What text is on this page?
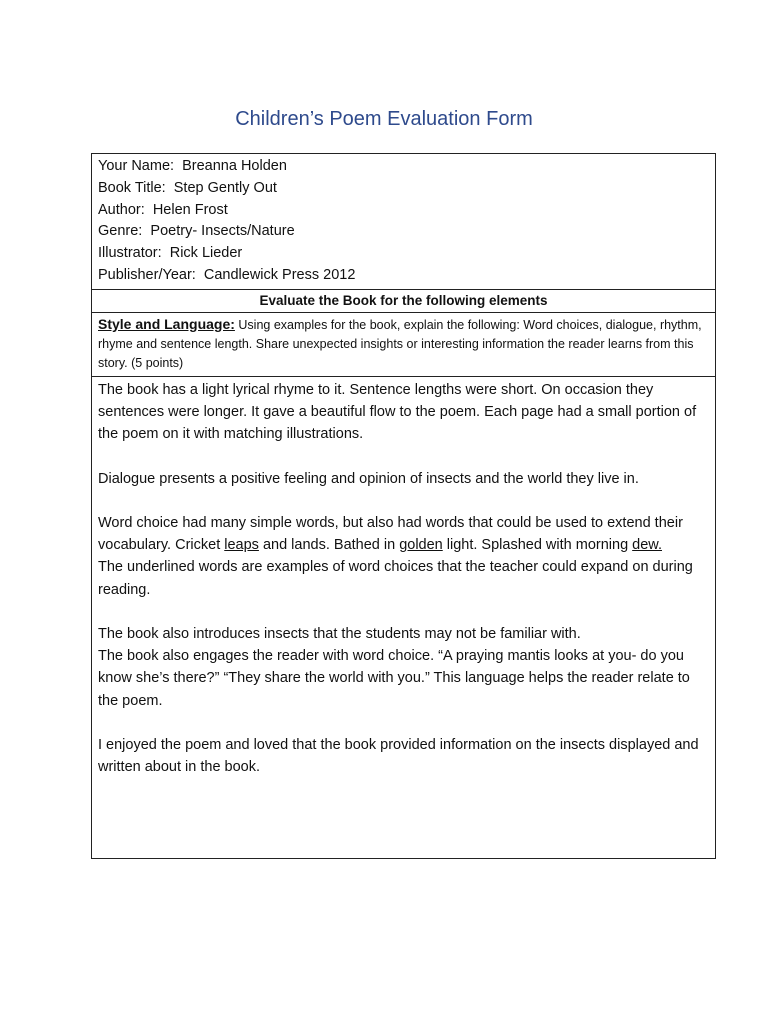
Children’s Poem Evaluation Form
Your Name: Breanna Holden
Book Title: Step Gently Out
Author: Helen Frost
Genre: Poetry- Insects/Nature
Illustrator: Rick Lieder
Publisher/Year: Candlewick Press 2012
Evaluate the Book for the following elements
Style and Language: Using examples for the book, explain the following: Word choices, dialogue, rhythm, rhyme and sentence length. Share unexpected insights or interesting information the reader learns from this story. (5 points)

The book has a light lyrical rhyme to it. Sentence lengths were short. On occasion they sentences were longer. It gave a beautiful flow to the poem. Each page had a small portion of the poem on it with matching illustrations.

Dialogue presents a positive feeling and opinion of insects and the world they live in.

Word choice had many simple words, but also had words that could be used to extend their vocabulary. Cricket leaps and lands. Bathed in golden light. Splashed with morning dew.

The underlined words are examples of word choices that the teacher could expand on during reading.

The book also introduces insects that the students may not be familiar with.

The book also engages the reader with word choice. “A praying mantis looks at you- do you know she’s there?” “They share the world with you.” This language helps the reader relate to the poem.

I enjoyed the poem and loved that the book provided information on the insects displayed and written about in the book.
